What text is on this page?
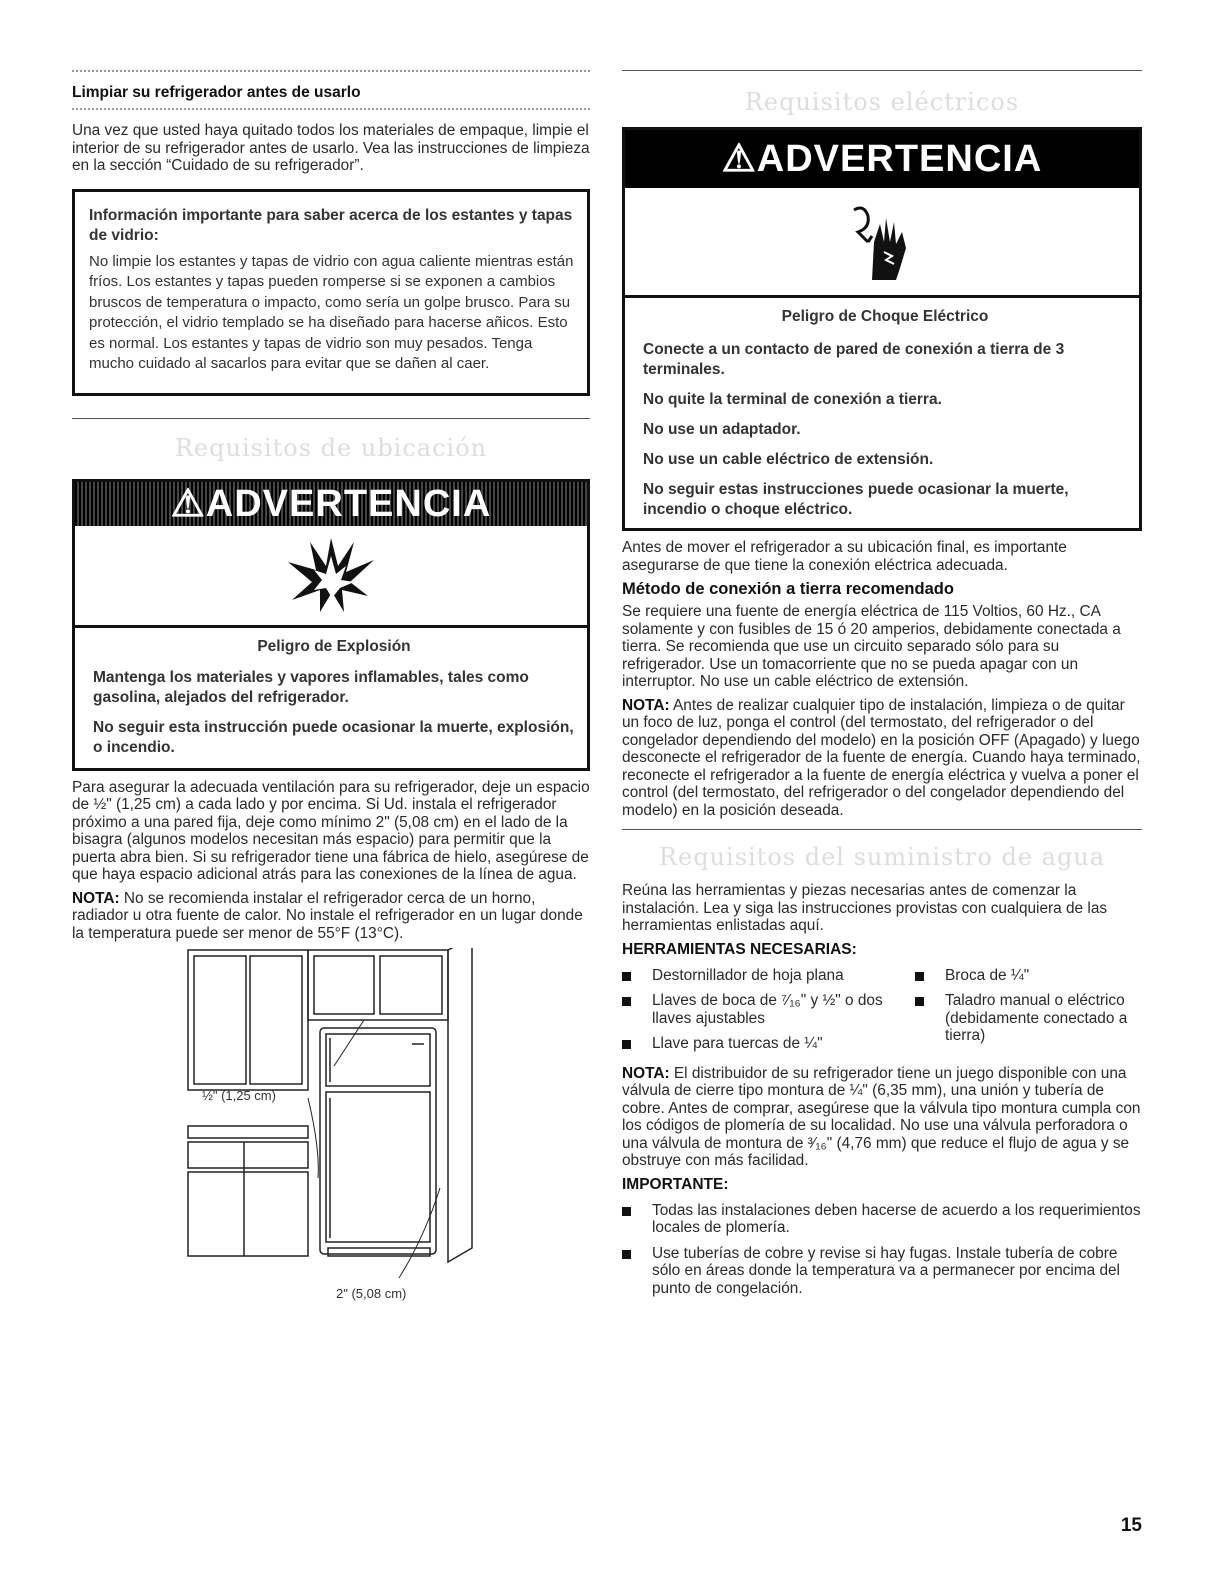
Limpiar su refrigerador antes de usarlo

Una vez que usted haya quitado todos los materiales de empaque, limpie el interior de su refrigerador antes de usarlo. Vea las instrucciones de limpieza en la sección “Cuidado de su refrigerador”.

Información importante para saber acerca de los estantes y tapas de vidrio:
No limpie los estantes y tapas de vidrio con agua caliente mientras están fríos. Los estantes y tapas pueden romperse si se exponen a cambios bruscos de temperatura o impacto, como sería un golpe brusco. Para su protección, el vidrio templado se ha diseñado para hacerse añicos. Esto es normal. Los estantes y tapas de vidrio son muy pesados. Tenga mucho cuidado al sacarlos para evitar que se dañen al caer.
Requisitos de ubicación
⚠ADVERTENCIA
Peligro de Explosión
Mantenga los materiales y vapores inflamables, tales como gasolina, alejados del refrigerador.
No seguir esta instrucción puede ocasionar la muerte, explosión, o incendio.

Para asegurar la adecuada ventilación para su refrigerador, deje un espacio de ½" (1,25 cm) a cada lado y por encima. Si Ud. instala el refrigerador próximo a una pared fija, deje como mínimo 2" (5,08 cm) en el lado de la bisagra (algunos modelos necesitan más espacio) para permitir que la puerta abra bien. Si su refrigerador tiene una fábrica de hielo, asegúrese de que haya espacio adicional atrás para las conexiones de la línea de agua.

NOTA: No se recomienda instalar el refrigerador cerca de un horno, radiador u otra fuente de calor. No instale el refrigerador en un lugar donde la temperatura puede ser menor de 55°F (13°C).

½" (1,25 cm)
2" (5,08 cm)
Requisitos eléctricos
⚠ADVERTENCIA
Peligro de Choque Eléctrico
Conecte a un contacto de pared de conexión a tierra de 3 terminales.
No quite la terminal de conexión a tierra.
No use un adaptador.
No use un cable eléctrico de extensión.
No seguir estas instrucciones puede ocasionar la muerte, incendio o choque eléctrico.

Antes de mover el refrigerador a su ubicación final, es importante asegurarse de que tiene la conexión eléctrica adecuada.

Método de conexión a tierra recomendado

Se requiere una fuente de energía eléctrica de 115 Voltios, 60 Hz., CA solamente y con fusibles de 15 ó 20 amperios, debidamente conectada a tierra. Se recomienda que use un circuito separado sólo para su refrigerador. Use un tomacorriente que no se pueda apagar con un interruptor. No use un cable eléctrico de extensión.

NOTA: Antes de realizar cualquier tipo de instalación, limpieza o de quitar un foco de luz, ponga el control (del termostato, del refrigerador o del congelador dependiendo del modelo) en la posición OFF (Apagado) y luego desconecte el refrigerador de la fuente de energía. Cuando haya terminado, reconecte el refrigerador a la fuente de energía eléctrica y vuelva a poner el control (del termostato, del refrigerador o del congelador dependiendo del modelo) en la posición deseada.

Requisitos del suministro de agua

Reúna las herramientas y piezas necesarias antes de comenzar la instalación. Lea y siga las instrucciones provistas con cualquiera de las herramientas enlistadas aquí.

HERRAMIENTAS NECESARIAS:
Destornillador de hoja plana
Llaves de boca de ⁷⁄₁₆" y ½" o dos llaves ajustables
Llave para tuercas de ¼"
Broca de ¼"
Taladro manual o eléctrico (debidamente conectado a tierra)

NOTA: El distribuidor de su refrigerador tiene un juego disponible con una válvula de cierre tipo montura de ¼" (6,35 mm), una unión y tubería de cobre. Antes de comprar, asegúrese que la válvula tipo montura cumpla con los códigos de plomería de su localidad. No use una válvula perforadora o una válvula de montura de ³⁄₁₆" (4,76 mm) que reduce el flujo de agua y se obstruye con más facilidad.

IMPORTANTE:
Todas las instalaciones deben hacerse de acuerdo a los requerimientos locales de plomería.
Use tuberías de cobre y revise si hay fugas. Instale tubería de cobre sólo en áreas donde la temperatura va a permanecer por encima del punto de congelación.
15
